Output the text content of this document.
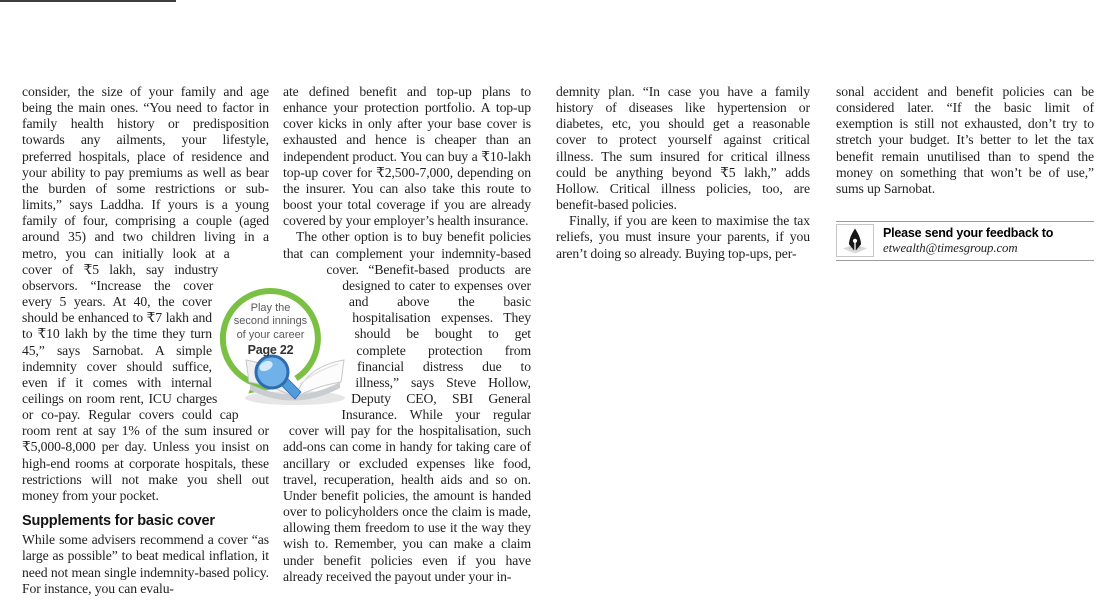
consider, the size of your family and age being the main ones. “You need to factor in family health history or predisposition towards any ailments, your lifestyle, preferred hospitals, place of residence and your ability to pay premiums as well as bear the burden of some restrictions or sub-limits,” says Laddha. If yours is a young family of four, comprising a couple (aged around 35) and two children living in a metro, you can initially look at a cover of ₹5 lakh, say industry observors. “Increase the cover every 5 years. At 40, the cover should be enhanced to ₹7 lakh and to ₹10 lakh by the time they turn 45,” says Sarnobat. A simple indemnity cover should suffice, even if it comes with internal ceilings on room rent, ICU charges or co-pay. Regular covers could cap room rent at say 1% of the sum insured or ₹5,000-8,000 per day. Unless you insist on high-end rooms at corporate hospitals, these restrictions will not make you shell out money from your pocket.

Supplements for basic cover

While some advisers recommend a cover “as large as possible” to beat medical inflation, it need not mean single indemnity-based policy. For instance, you can evalu-

ate defined benefit and top-up plans to enhance your protection portfolio. A top-up cover kicks in only after your base cover is exhausted and hence is cheaper than an independent product. You can buy a ₹10-lakh top-up cover for ₹2,500-7,000, depending on the insurer. You can also take this route to boost your total coverage if you are already covered by your employer’s health insurance.

The other option is to buy benefit policies that can complement your indemnity-based cover. “Benefit-based products are designed to cater to expenses over and above the basic hospitalisation expenses. They should be bought to get complete protection from financial distress due to illness,” says Steve Hollow, Deputy CEO, SBI General Insurance. While your regular cover will pay for the hospitalisation, such add-ons can come in handy for taking care of ancillary or excluded expenses like food, travel, recuperation, health aids and so on. Under benefit policies, the amount is handed over to policyholders once the claim is made, allowing them freedom to use it the way they wish to. Remember, you can make a claim under benefit policies even if you have already received the payout under your in-

demnity plan. “In case you have a family history of diseases like hypertension or diabetes, etc, you should get a reasonable cover to protect yourself against critical illness. The sum insured for critical illness could be anything beyond ₹5 lakh,” adds Hollow. Critical illness policies, too, are benefit-based policies.

Finally, if you are keen to maximise the tax reliefs, you must insure your parents, if you aren’t doing so already. Buying top-ups, per-

sonal accident and benefit policies can be considered later. “If the basic limit of exemption is still not exhausted, don’t try to stretch your budget. It’s better to let the tax benefit remain unutilised than to spend the money on something that won’t be of use,” sums up Sarnobat.

Please send your feedback to
etwealth@timesgroup.com
Play the
second innings
of your career
Page 22
